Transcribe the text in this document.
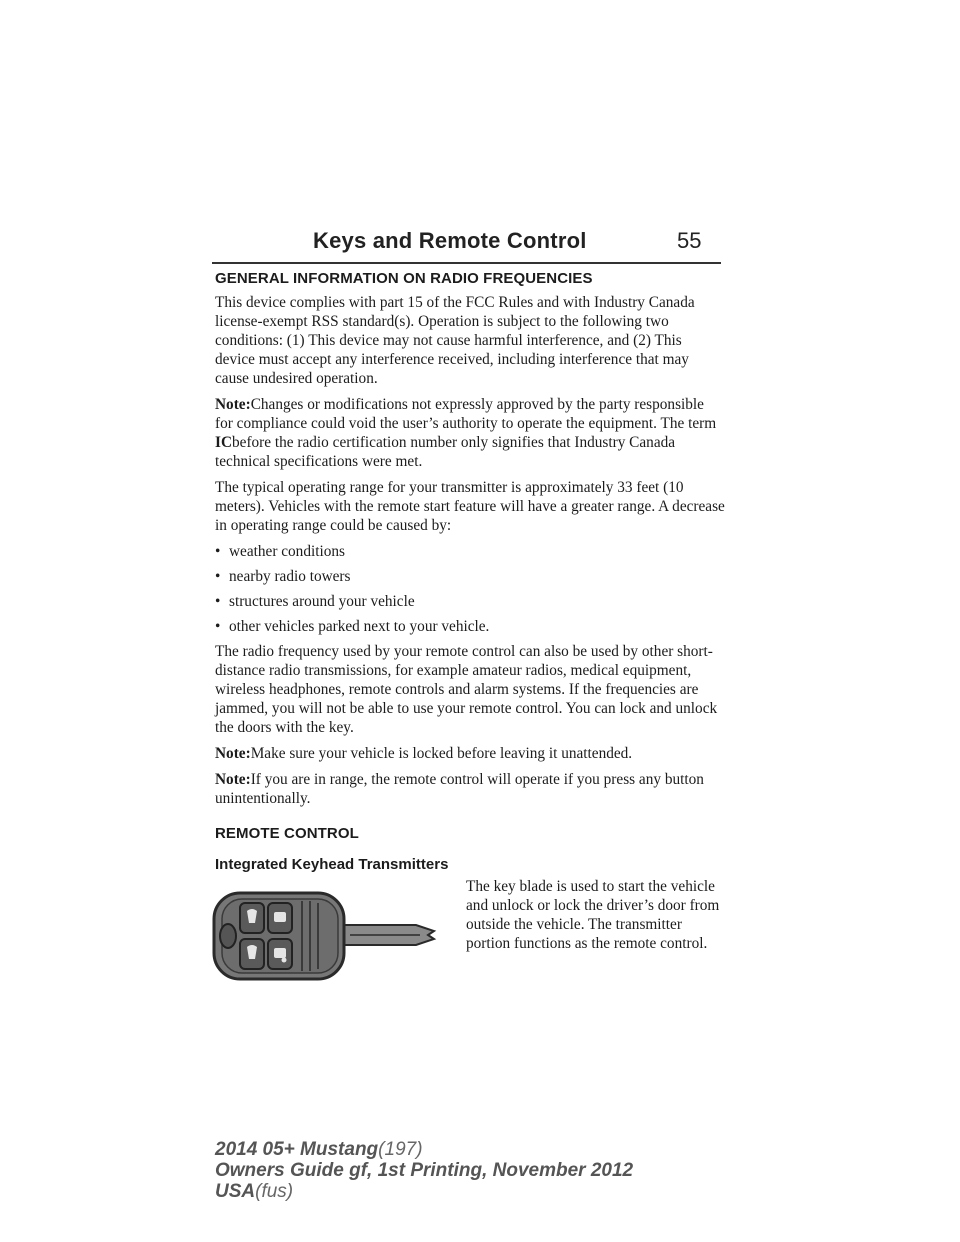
Keys and Remote Control	55
GENERAL INFORMATION ON RADIO FREQUENCIES

This device complies with part 15 of the FCC Rules and with Industry Canada license-exempt RSS standard(s). Operation is subject to the following two conditions: (1) This device may not cause harmful interference, and (2) This device must accept any interference received, including interference that may cause undesired operation.

Note:Changes or modifications not expressly approved by the party responsible for compliance could void the user’s authority to operate the equipment. The term ICbefore the radio certification number only signifies that Industry Canada technical specifications were met.

The typical operating range for your transmitter is approximately 33 feet (10 meters). Vehicles with the remote start feature will have a greater range. A decrease in operating range could be caused by:

• weather conditions
• nearby radio towers
• structures around your vehicle
• other vehicles parked next to your vehicle.

The radio frequency used by your remote control can also be used by other short-distance radio transmissions, for example amateur radios, medical equipment, wireless headphones, remote controls and alarm systems. If the frequencies are jammed, you will not be able to use your remote control. You can lock and unlock the doors with the key.

Note:Make sure your vehicle is locked before leaving it unattended.

Note:If you are in range, the remote control will operate if you press any button unintentionally.

REMOTE CONTROL
Integrated Keyhead Transmitters

The key blade is used to start the vehicle and unlock or lock the driver’s door from outside the vehicle. The transmitter portion functions as the remote control.

2014 05+ Mustang(197)
Owners Guide gf, 1st Printing, November 2012
USA(fus)
